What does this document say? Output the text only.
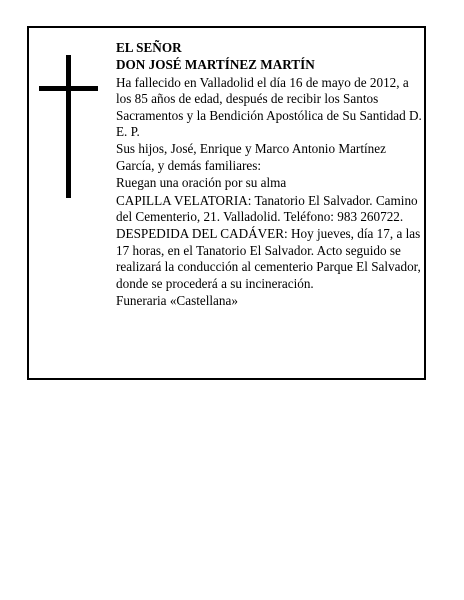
EL SEÑOR

DON JOSÉ MARTÍNEZ MARTÍN

Ha fallecido en Valladolid el día 16 de mayo de 2012, a los 85 años de edad, después de recibir los Santos Sacramentos y la Bendición Apostólica de Su Santidad D. E. P.

Sus hijos, José, Enrique y Marco Antonio Martínez García, y demás familiares:

Ruegan una oración por su alma

CAPILLA VELATORIA: Tanatorio El Salvador. Camino del Cementerio, 21. Valladolid. Teléfono: 983 260722.

DESPEDIDA DEL CADÁVER: Hoy jueves, día 17, a las 17 horas, en el Tanatorio El Salvador. Acto seguido se realizará la conducción al cementerio Parque El Salvador, donde se procederá a su incineración.

Funeraria «Castellana»
